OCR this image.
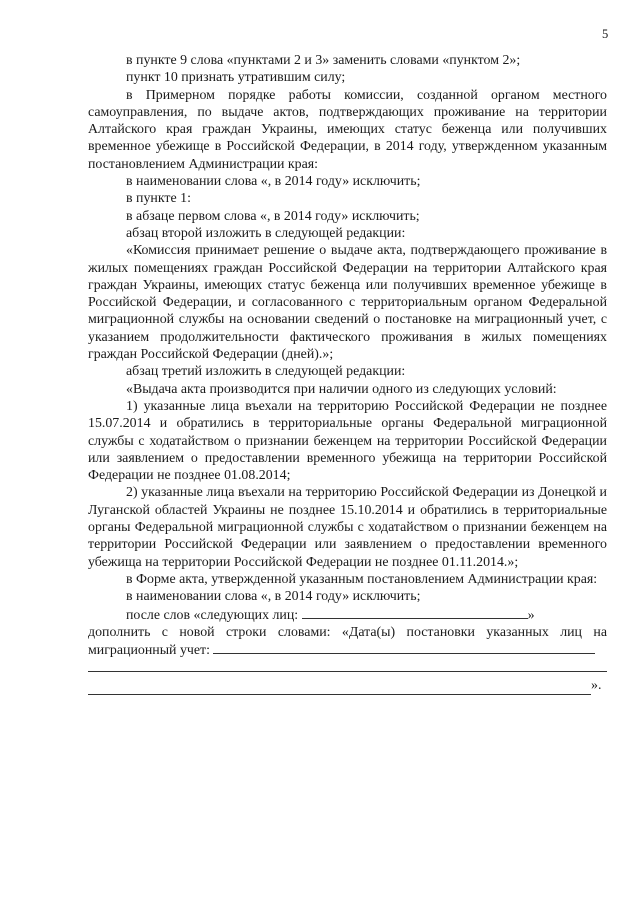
5

в пункте 9 слова «пунктами 2 и 3» заменить словами «пунктом 2»;

пункт 10 признать утратившим силу;

в Примерном порядке работы комиссии, созданной органом местного самоуправления, по выдаче актов, подтверждающих проживание на территории Алтайского края граждан Украины, имеющих статус беженца или получивших временное убежище в Российской Федерации, в 2014 году, утвержденном указанным постановлением Администрации края:

в наименовании слова «, в 2014 году» исключить;

в пункте 1:

в абзаце первом слова «, в 2014 году» исключить;

абзац второй изложить в следующей редакции:

«Комиссия принимает решение о выдаче акта, подтверждающего проживание в жилых помещениях граждан Российской Федерации на территории Алтайского края граждан Украины, имеющих статус беженца или получивших временное убежище в Российской Федерации, и согласованного с территориальным органом Федеральной миграционной службы на основании сведений о постановке на миграционный учет, с указанием продолжительности фактического проживания в жилых помещениях граждан Российской Федерации (дней).»;

абзац третий изложить в следующей редакции:

«Выдача акта производится при наличии одного из следующих условий:

1) указанные лица въехали на территорию Российской Федерации не позднее 15.07.2014 и обратились в территориальные органы Федеральной миграционной службы с ходатайством о признании беженцем на территории Российской Федерации или заявлением о предоставлении временного убежища на территории Российской Федерации не позднее 01.08.2014;

2) указанные лица въехали на территорию Российской Федерации из Донецкой и Луганской областей Украины не позднее 15.10.2014 и обратились в территориальные органы Федеральной миграционной службы с ходатайством о признании беженцем на территории Российской Федерации или заявлением о предоставлении временного убежища на территории Российской Федерации не позднее 01.11.2014.»;

в Форме акта, утвержденной указанным постановлением Администрации края:

в наименовании слова «, в 2014 году» исключить;

после слов «следующих лиц:	»

дополнить с новой строки словами: «Дата(ы) постановки указанных лиц на миграционный учет:

».
